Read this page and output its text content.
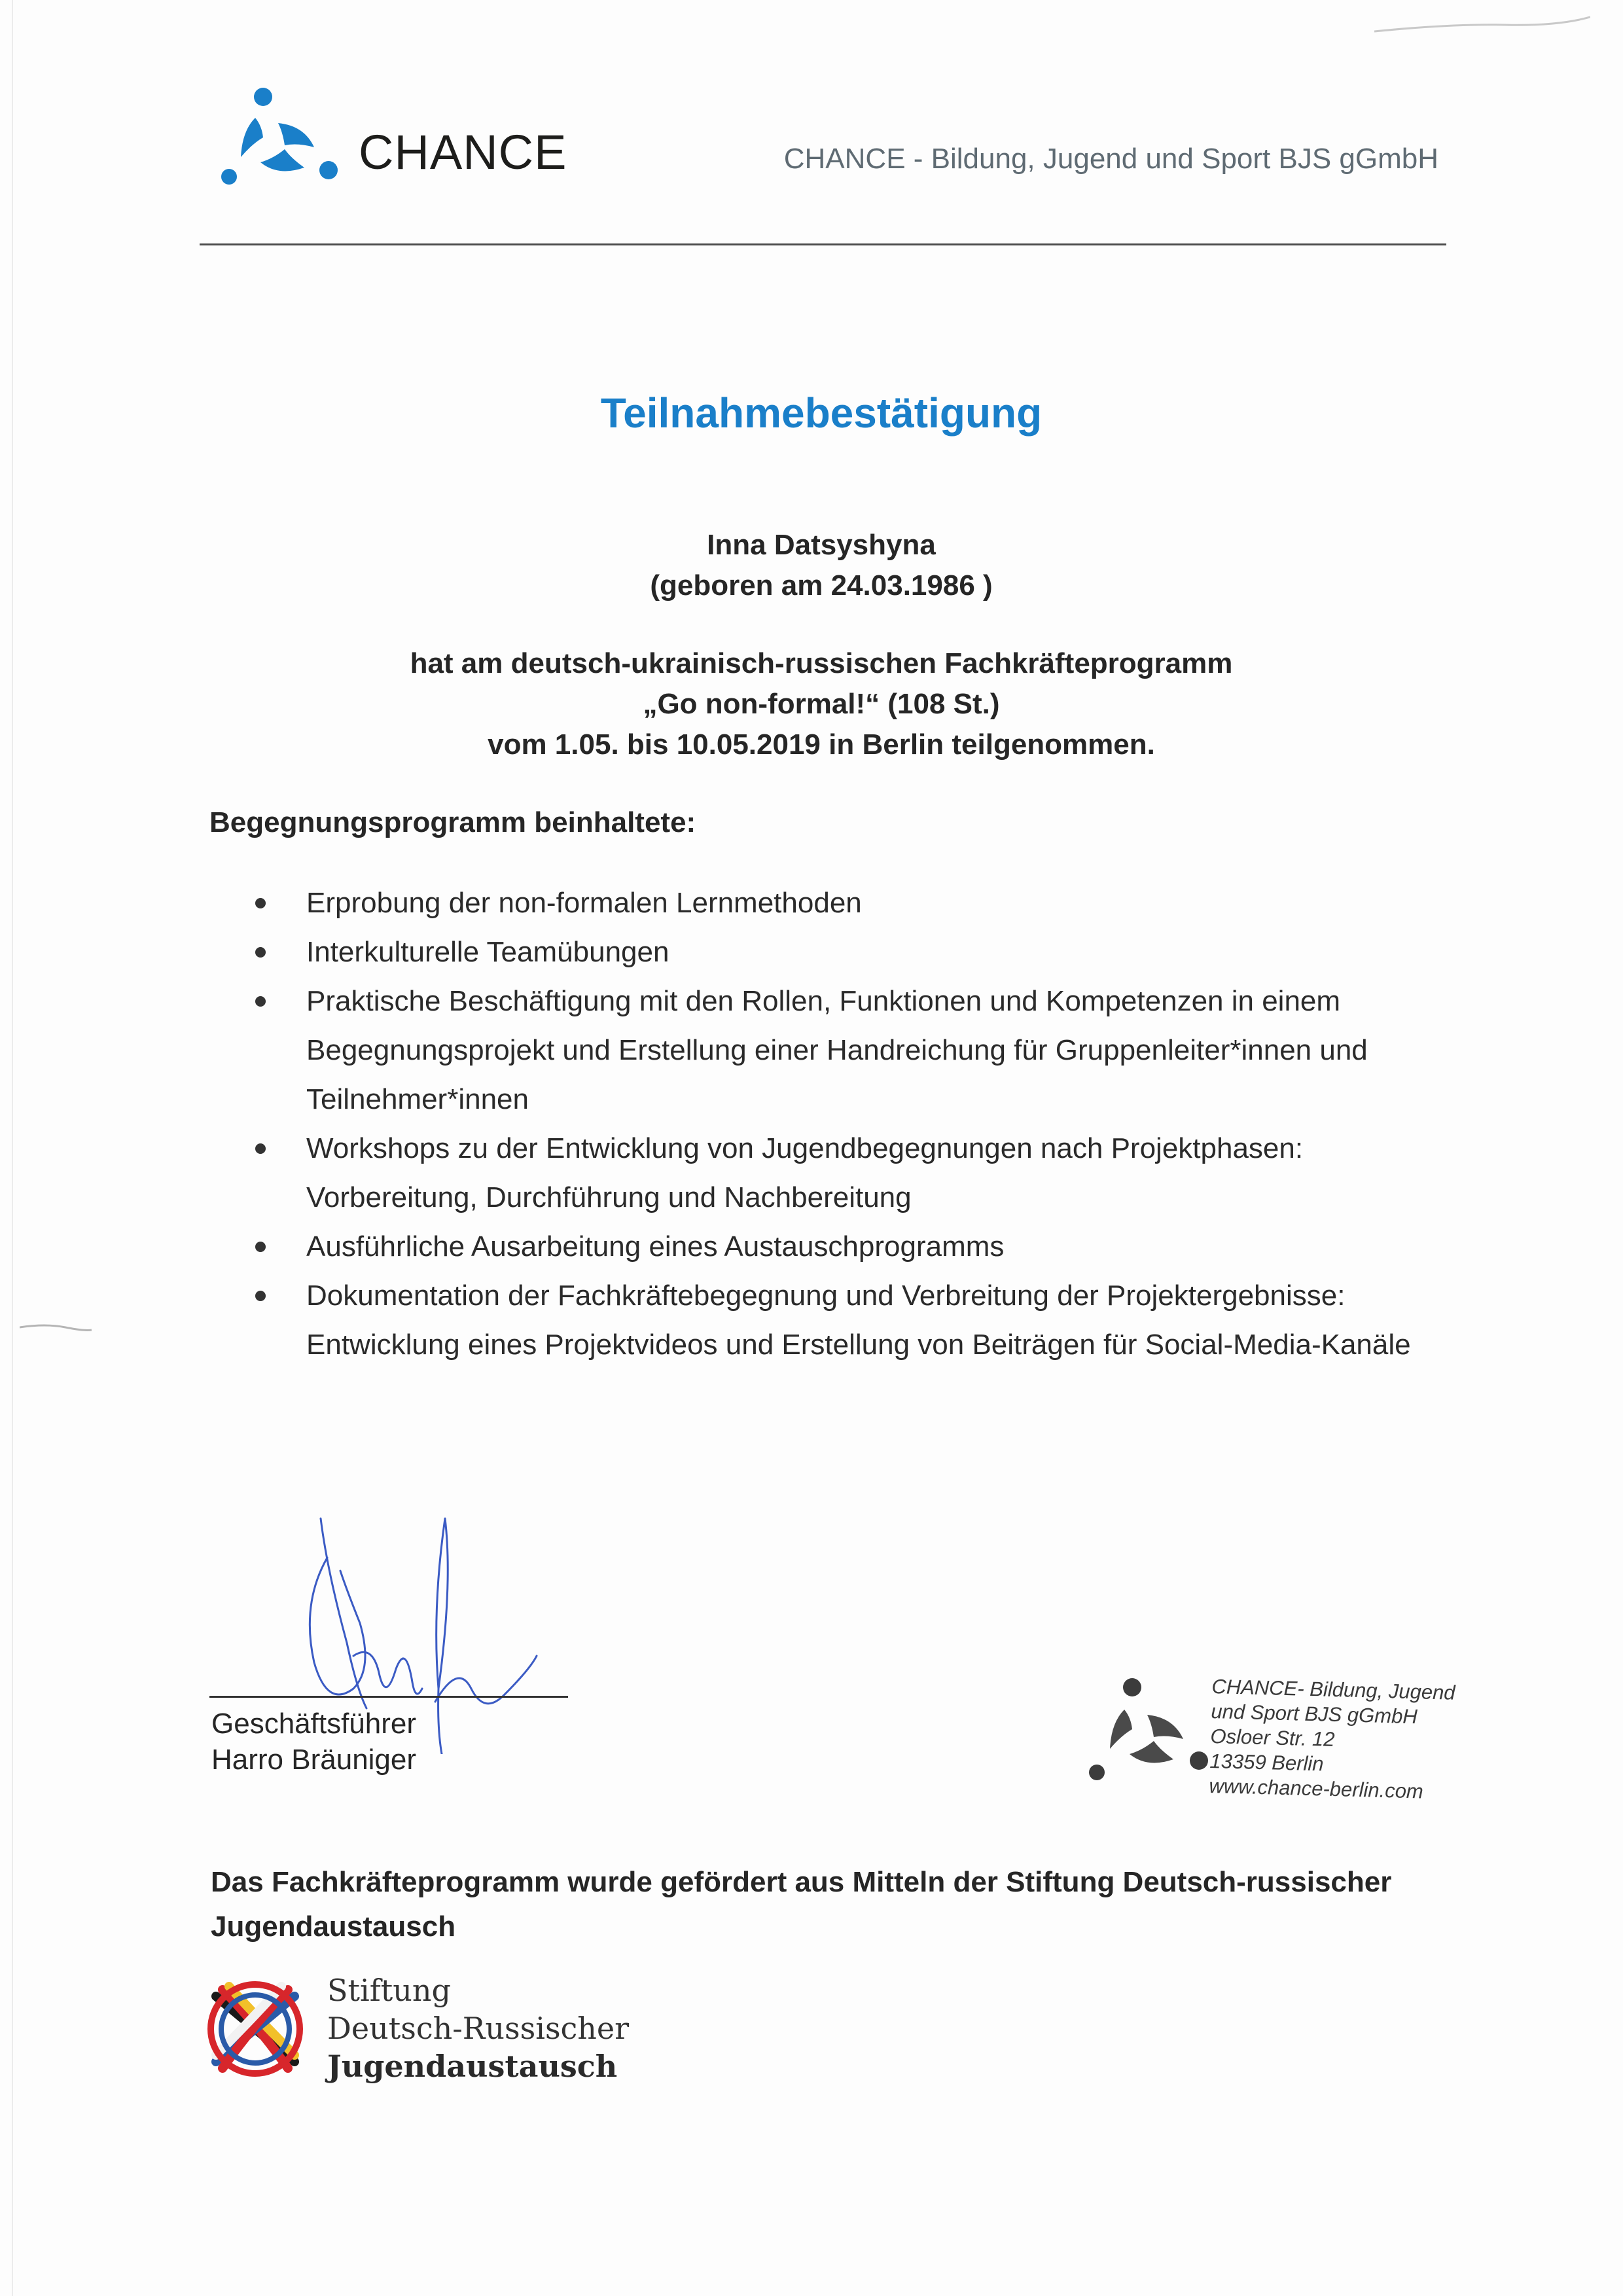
CHANCE	CHANCE - Bildung, Jugend und Sport BJS gGmbH
Teilnahmebestätigung
Inna Datsyshyna
(geboren am 24.03.1986 )
hat am deutsch-ukrainisch-russischen Fachkräfteprogramm
„Go non-formal!“ (108 St.)
vom 1.05. bis 10.05.2019 in Berlin teilgenommen.
Begegnungsprogramm beinhaltete:
Erprobung der non-formalen Lernmethoden
Interkulturelle Teamübungen
Praktische Beschäftigung mit den Rollen, Funktionen und Kompetenzen in einem Begegnungsprojekt und Erstellung einer Handreichung für Gruppenleiter*innen und Teilnehmer*innen
Workshops zu der Entwicklung von Jugendbegegnungen nach Projektphasen: Vorbereitung, Durchführung und Nachbereitung
Ausführliche Ausarbeitung eines Austauschprogramms
Dokumentation der Fachkräftebegegnung und Verbreitung der Projektergebnisse: Entwicklung eines Projektvideos und Erstellung von Beiträgen für Social-Media-Kanäle
Geschäftsführer
Harro Bräuniger
CHANCE- Bildung, Jugend
und Sport BJS gGmbH
Osloer Str. 12
13359 Berlin
www.chance-berlin.com
Das Fachkräfteprogramm wurde gefördert aus Mitteln der Stiftung Deutsch-russischer Jugendaustausch
Stiftung
Deutsch-Russischer
Jugendaustausch
